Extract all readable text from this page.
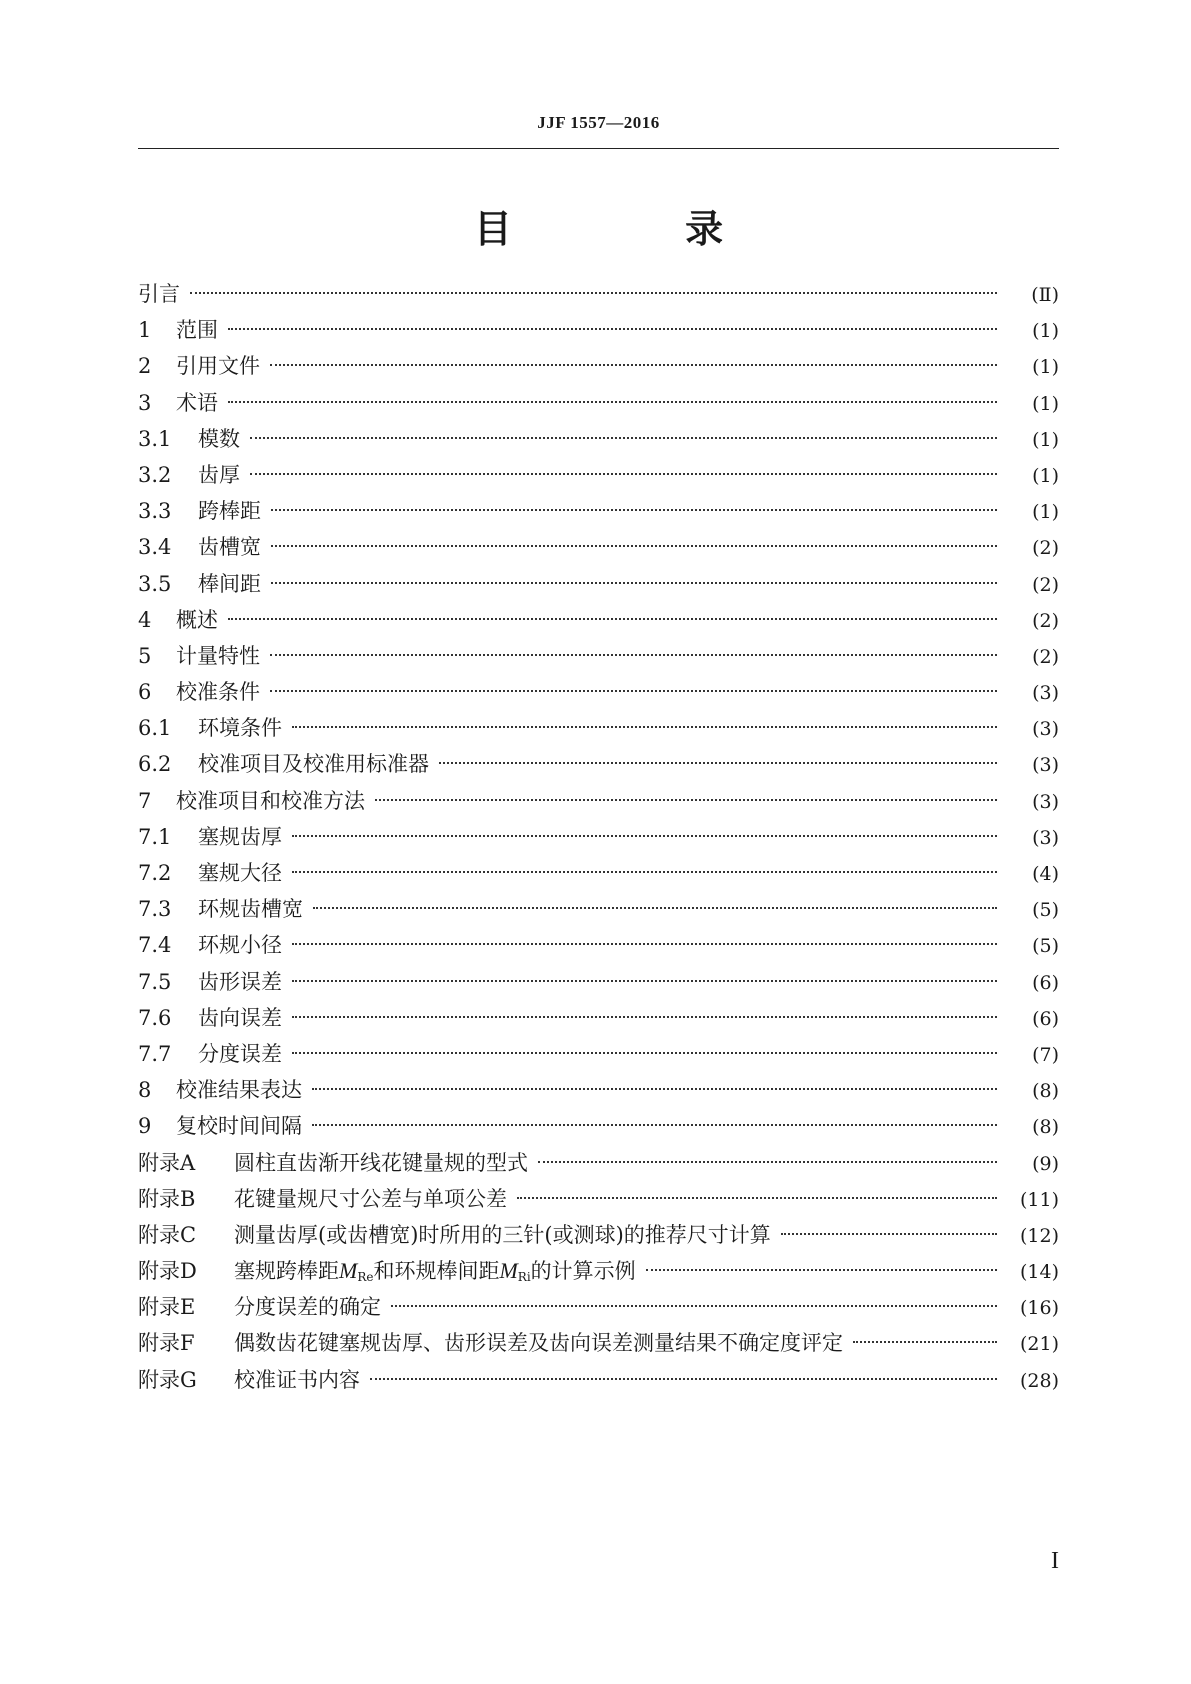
JJF 1557—2016
目 录
引言	(Ⅱ)
1	范围	(1)
2	引用文件	(1)
3	术语	(1)
3.1	模数	(1)
3.2	齿厚	(1)
3.3	跨棒距	(1)
3.4	齿槽宽	(2)
3.5	棒间距	(2)
4	概述	(2)
5	计量特性	(2)
6	校准条件	(3)
6.1	环境条件	(3)
6.2	校准项目及校准用标准器	(3)
7	校准项目和校准方法	(3)
7.1	塞规齿厚	(3)
7.2	塞规大径	(4)
7.3	环规齿槽宽	(5)
7.4	环规小径	(5)
7.5	齿形误差	(6)
7.6	齿向误差	(6)
7.7	分度误差	(7)
8	校准结果表达	(8)
9	复校时间间隔	(8)
附录A	圆柱直齿渐开线花键量规的型式	(9)
附录B	花键量规尺寸公差与单项公差	(11)
附录C	测量齿厚(或齿槽宽)时所用的三针(或测球)的推荐尺寸计算	(12)
附录D	塞规跨棒距$M_{Re}$和环规棒间距$M_{Ri}$的计算示例	(14)
附录E	分度误差的确定	(16)
附录F	偶数齿花键塞规齿厚、齿形误差及齿向误差测量结果不确定度评定	(21)
附录G	校准证书内容	(28)
I
